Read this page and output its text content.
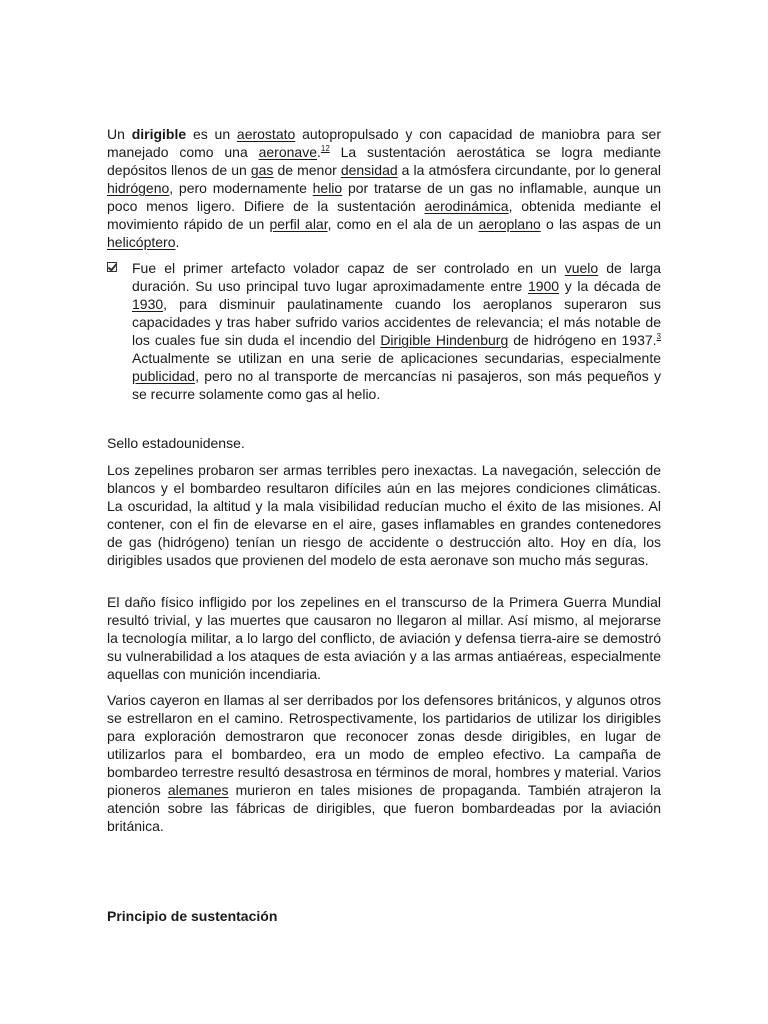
Un dirigible es un aerostato autopropulsado y con capacidad de maniobra para ser manejado como una aeronave.$^{12}$ La sustentación aerostática se logra mediante depósitos llenos de un gas de menor densidad a la atmósfera circundante, por lo general hidrógeno, pero modernamente helio por tratarse de un gas no inflamable, aunque un poco menos ligero. Difiere de la sustentación aerodinámica, obtenida mediante el movimiento rápido de un perfil alar, como en el ala de un aeroplano o las aspas de un helicóptero.

Fue el primer artefacto volador capaz de ser controlado en un vuelo de larga duración. Su uso principal tuvo lugar aproximadamente entre 1900 y la década de 1930, para disminuir paulatinamente cuando los aeroplanos superaron sus capacidades y tras haber sufrido varios accidentes de relevancia; el más notable de los cuales fue sin duda el incendio del Dirigible Hindenburg de hidrógeno en 1937.$^3$ Actualmente se utilizan en una serie de aplicaciones secundarias, especialmente publicidad, pero no al transporte de mercancías ni pasajeros, son más pequeños y se recurre solamente como gas al helio.

Sello estadounidense.

Los zepelines probaron ser armas terribles pero inexactas. La navegación, selección de blancos y el bombardeo resultaron difíciles aún en las mejores condiciones climáticas. La oscuridad, la altitud y la mala visibilidad reducían mucho el éxito de las misiones. Al contener, con el fin de elevarse en el aire, gases inflamables en grandes contenedores de gas (hidrógeno) tenían un riesgo de accidente o destrucción alto. Hoy en día, los dirigibles usados que provienen del modelo de esta aeronave son mucho más seguras.

El daño físico infligido por los zepelines en el transcurso de la Primera Guerra Mundial resultó trivial, y las muertes que causaron no llegaron al millar. Así mismo, al mejorarse la tecnología militar, a lo largo del conflicto, de aviación y defensa tierra-aire se demostró su vulnerabilidad a los ataques de esta aviación y a las armas antiaéreas, especialmente aquellas con munición incendiaria.

Varios cayeron en llamas al ser derribados por los defensores británicos, y algunos otros se estrellaron en el camino. Retrospectivamente, los partidarios de utilizar los dirigibles para exploración demostraron que reconocer zonas desde dirigibles, en lugar de utilizarlos para el bombardeo, era un modo de empleo efectivo. La campaña de bombardeo terrestre resultó desastrosa en términos de moral, hombres y material. Varios pioneros alemanes murieron en tales misiones de propaganda. También atrajeron la atención sobre las fábricas de dirigibles, que fueron bombardeadas por la aviación británica.

Principio de sustentación
